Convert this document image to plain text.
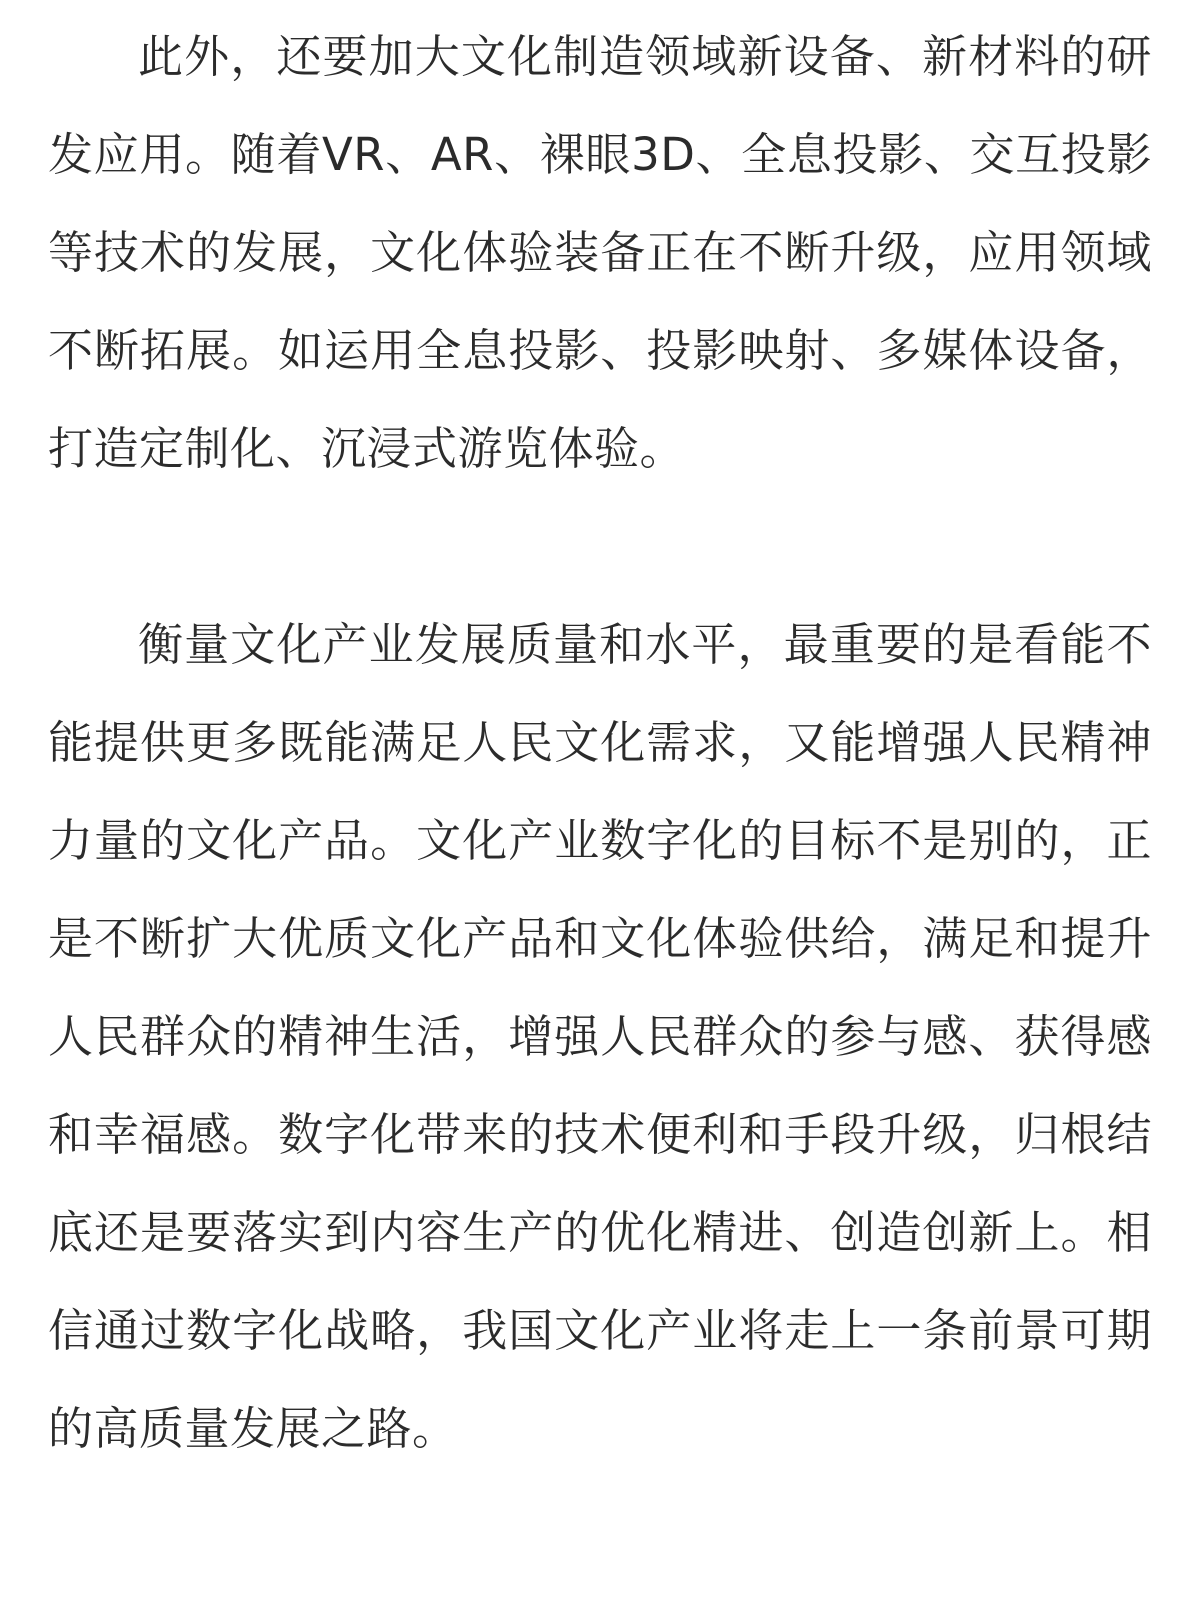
此外，还要加大文化制造领域新设备、新材料的研发应用。随着VR、AR、裸眼3D、全息投影、交互投影等技术的发展，文化体验装备正在不断升级，应用领域不断拓展。如运用全息投影、投影映射、多媒体设备，打造定制化、沉浸式游览体验。

衡量文化产业发展质量和水平，最重要的是看能不能提供更多既能满足人民文化需求，又能增强人民精神力量的文化产品。文化产业数字化的目标不是别的，正是不断扩大优质文化产品和文化体验供给，满足和提升人民群众的精神生活，增强人民群众的参与感、获得感和幸福感。数字化带来的技术便利和手段升级，归根结底还是要落实到内容生产的优化精进、创造创新上。相信通过数字化战略，我国文化产业将走上一条前景可期的高质量发展之路。
